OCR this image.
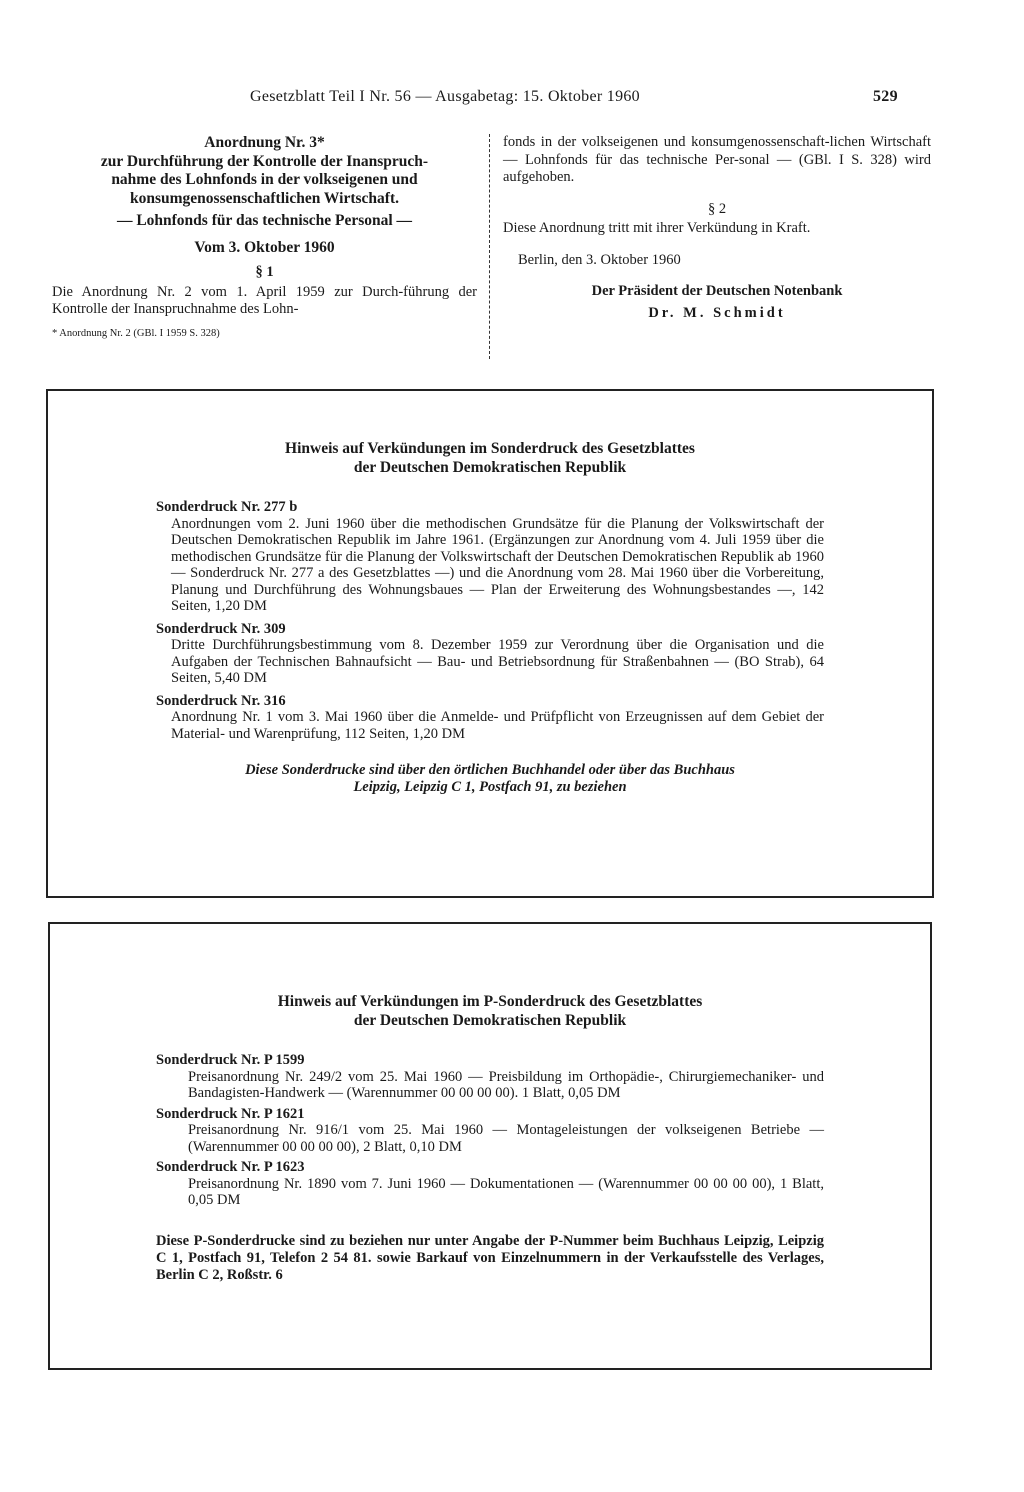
Gesetzblatt Teil I Nr. 56 — Ausgabetag: 15. Oktober 1960	529
Anordnung Nr. 3*
zur Durchführung der Kontrolle der Inanspruch-
nahme des Lohnfonds in der volkseigenen und
konsumgenossenschaftlichen Wirtschaft.
— Lohnfonds für das technische Personal —
Vom 3. Oktober 1960
§ 1
Die Anordnung Nr. 2 vom 1. April 1959 zur Durch-führung der Kontrolle der Inanspruchnahme des Lohn-
* Anordnung Nr. 2 (GBl. I 1959 S. 328)
fonds in der volkseigenen und konsumgenossenschaft-lichen Wirtschaft — Lohnfonds für das technische Per-sonal — (GBl. I S. 328) wird aufgehoben.
§ 2
Diese Anordnung tritt mit ihrer Verkündung in Kraft.
Berlin, den 3. Oktober 1960
Der Präsident der Deutschen Notenbank
Dr. M. Schmidt
Hinweis auf Verkündungen im Sonderdruck des Gesetzblattes
der Deutschen Demokratischen Republik
Sonderdruck Nr. 277 b
Anordnungen vom 2. Juni 1960 über die methodischen Grundsätze für die Planung der Volkswirtschaft der Deutschen Demokratischen Republik im Jahre 1961. (Ergänzungen zur Anordnung vom 4. Juli 1959 über die methodischen Grundsätze für die Planung der Volkswirtschaft der Deutschen Demokratischen Republik ab 1960 — Sonderdruck Nr. 277 a des Gesetzblattes —) und die Anordnung vom 28. Mai 1960 über die Vorbereitung, Planung und Durchführung des Wohnungsbaues — Plan der Erweiterung des Wohnungsbestandes —, 142 Seiten, 1,20 DM
Sonderdruck Nr. 309
Dritte Durchführungsbestimmung vom 8. Dezember 1959 zur Verordnung über die Organisation und die Aufgaben der Technischen Bahnaufsicht — Bau- und Betriebsordnung für Straßenbahnen — (BO Strab), 64 Seiten, 5,40 DM
Sonderdruck Nr. 316
Anordnung Nr. 1 vom 3. Mai 1960 über die Anmelde- und Prüfpflicht von Erzeugnissen auf dem Gebiet der Material- und Warenprüfung, 112 Seiten, 1,20 DM
Diese Sonderdrucke sind über den örtlichen Buchhandel oder über das Buchhaus
Leipzig, Leipzig C 1, Postfach 91, zu beziehen
Hinweis auf Verkündungen im P-Sonderdruck des Gesetzblattes
der Deutschen Demokratischen Republik
Sonderdruck Nr. P 1599
Preisanordnung Nr. 249/2 vom 25. Mai 1960 — Preisbildung im Orthopädie-, Chirurgiemechaniker- und Bandagisten-Handwerk — (Warennummer 00 00 00 00). 1 Blatt, 0,05 DM
Sonderdruck Nr. P 1621
Preisanordnung Nr. 916/1 vom 25. Mai 1960 — Montageleistungen der volkseigenen Betriebe — (Warennummer 00 00 00 00), 2 Blatt, 0,10 DM
Sonderdruck Nr. P 1623
Preisanordnung Nr. 1890 vom 7. Juni 1960 — Dokumentationen — (Warennummer 00 00 00 00), 1 Blatt, 0,05 DM
Diese P-Sonderdrucke sind zu beziehen nur unter Angabe der P-Nummer beim Buchhaus Leipzig, Leipzig C 1, Postfach 91, Telefon 2 54 81. sowie Barkauf von Einzelnummern in der Verkaufsstelle des Verlages, Berlin C 2, Roßstr. 6
